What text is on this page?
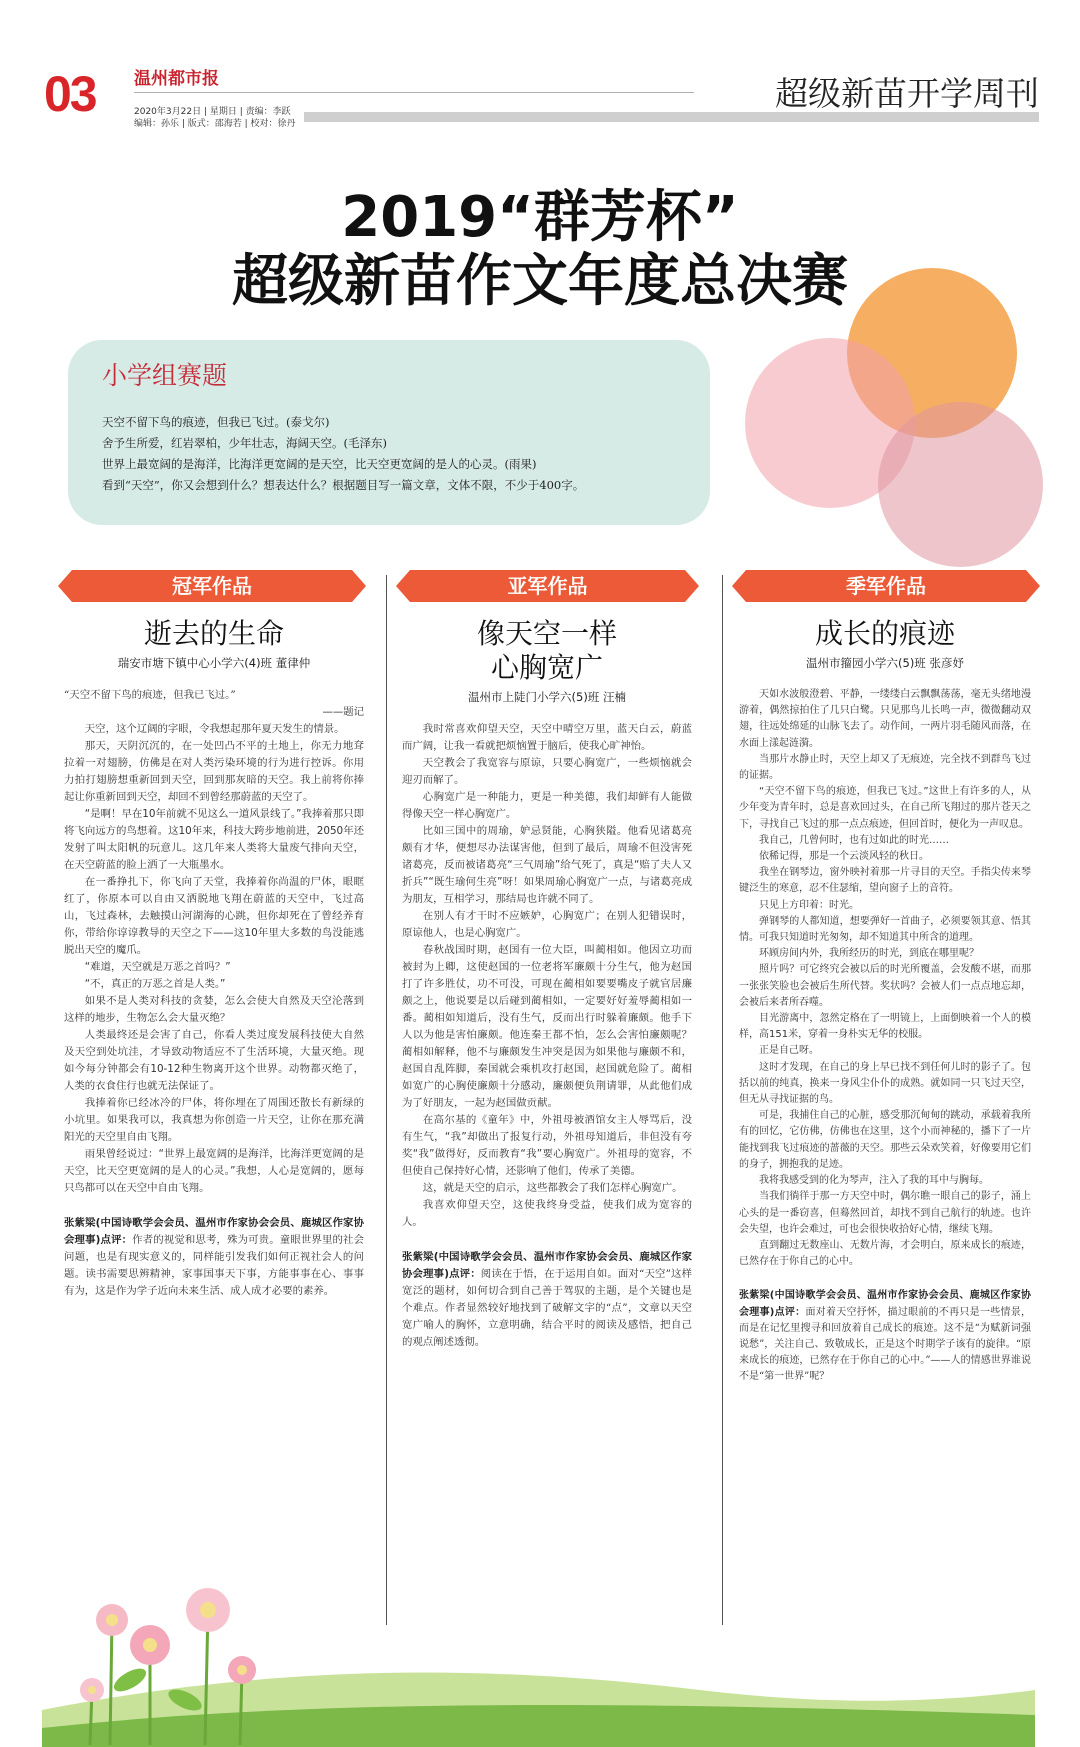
03 温州都市报
2020年3月22日 | 星期日 | 责编：李跃
编辑：孙乐 | 版式：邵海若 | 校对：徐丹
超级新苗开学周刊
2019“群芳杯”
超级新苗作文年度总决赛
小学组赛题
天空不留下鸟的痕迹，但我已飞过。(泰戈尔)
舍予生所爱，红岩翠柏，少年壮志，海阔天空。(毛泽东)
世界上最宽阔的是海洋，比海洋更宽阔的是天空，比天空更宽阔的是人的心灵。(雨果)
看到“天空”，你又会想到什么？想表达什么？根据题目写一篇文章，文体不限，不少于400字。
冠军作品	亚军作品	季军作品
逝去的生命
瑞安市塘下镇中心小学六(4)班 董律仲

“天空不留下鸟的痕迹，但我已飞过。”

——题记

天空，这个辽阔的字眼，令我想起那年夏天发生的情景。

那天，天阴沉沉的，在一处凹凸不平的土地上，你无力地耷拉着一对翅膀，仿佛是在对人类污染环境的行为进行控诉。你用力拍打翅膀想重新回到天空，回到那灰暗的天空。我上前将你捧起让你重新回到天空，却回不到曾经那蔚蓝的天空了。

“是啊！早在10年前就不见这么一道风景线了。”我捧着那只即将飞向远方的鸟想着。这10年来，科技大跨步地前进，2050年还发射了叫太阳帆的玩意儿。这几年来人类将大量废气排向天空，在天空蔚蓝的脸上洒了一大瓶墨水。

在一番挣扎下，你飞向了天堂，我捧着你尚温的尸体，眼眶红了，你原本可以自由又洒脱地飞翔在蔚蓝的天空中，飞过高山，飞过森林，去触摸山河湖海的心跳，但你却死在了曾经养育你，带给你谆谆教导的天空之下——这10年里大多数的鸟没能逃脱出天空的魔爪。

“难道，天空就是万恶之首吗？”

“不，真正的万恶之首是人类。”

如果不是人类对科技的贪婪，怎么会使大自然及天空沦落到这样的地步，生物怎么会大量灭绝？

人类最终还是会害了自己，你看人类过度发展科技使大自然及天空到处坑洼，才导致动物适应不了生活环境，大量灭绝。现如今每分钟都会有10-12种生物离开这个世界。动物都灭绝了，人类的衣食住行也就无法保证了。

我捧着你已经冰冷的尸体，将你埋在了周围还散长有新绿的小坑里。如果我可以，我真想为你创造一片天空，让你在那充满阳光的天空里自由飞翔。

雨果曾经说过：“世界上最宽阔的是海洋，比海洋更宽阔的是天空，比天空更宽阔的是人的心灵。”我想，人心是宽阔的，愿每只鸟都可以在天空中自由飞翔。

张紫梁(中国诗歌学会会员、温州市作家协会会员、鹿城区作家协会理事)点评：作者的视觉和思考，殊为可贵。童眼世界里的社会问题，也是有现实意义的，同样能引发我们如何正视社会人的问题。读书需要思辨精神，家事国事天下事，方能事事在心、事事有为，这是作为学子近向未来生活、成人成才必要的素养。
像天空一样
心胸宽广
温州市上陡门小学六(5)班 汪楠

我时常喜欢仰望天空，天空中晴空万里，蓝天白云，蔚蓝而广阔，让我一看就把烦恼置于脑后，使我心旷神怡。

天空教会了我宽容与原谅，只要心胸宽广，一些烦恼就会迎刃而解了。

心胸宽广是一种能力，更是一种美德，我们却鲜有人能做得像天空一样心胸宽广。

比如三国中的周瑜，妒忌贤能，心胸狭隘。他看见诸葛亮颇有才华，便想尽办法谋害他，但到了最后，周瑜不但没害死诸葛亮，反而被诸葛亮“三气周瑜”给气死了，真是“赔了夫人又折兵”“既生瑜何生亮”呀！如果周瑜心胸宽广一点，与诸葛亮成为朋友，互相学习，那结局也许就不同了。

在别人有才干时不应嫉妒，心胸宽广；在别人犯错误时，原谅他人，也是心胸宽广。

春秋战国时期，赵国有一位大臣，叫蔺相如。他因立功而被封为上卿，这使赵国的一位老将军廉颇十分生气，他为赵国打了许多胜仗，功不可没，可现在蔺相如要要嘴皮子就官居廉颇之上，他说要是以后碰到蔺相如，一定要好好羞辱蔺相如一番。蔺相如知道后，没有生气，反而出行时躲着廉颇。他手下人以为他是害怕廉颇。他连秦王都不怕，怎么会害怕廉颇呢？蔺相如解释，他不与廉颇发生冲突是因为如果他与廉颇不和，赵国自乱阵脚，秦国就会乘机攻打赵国，赵国就危险了。蔺相如宽广的心胸使廉颇十分感动，廉颇便负荆请罪，从此他们成为了好朋友，一起为赵国做贡献。

在高尔基的《童年》中，外祖母被酒馆女主人辱骂后，没有生气，“我”却做出了报复行动，外祖母知道后，非但没有夸奖“我”做得好，反而教育“我”要心胸宽广。外祖母的宽容，不但使自己保持好心情，还影响了他们，传承了美德。

这，就是天空的启示，这些都教会了我们怎样心胸宽广。

我喜欢仰望天空，这使我终身受益，使我们成为宽容的人。

张紫梁(中国诗歌学会会员、温州市作家协会会员、鹿城区作家协会理事)点评：阅读在于悟，在于运用自如。面对“天空”这样宽泛的题材，如何切合到自己善于驾驭的主题，是个关键也是个难点。作者显然较好地找到了破解文字的“点”，文章以天空宽广喻人的胸怀，立意明确，结合平时的阅读及感悟，把自己的观点阐述透彻。
成长的痕迹
温州市籀园小学六(5)班 张彦妤

天如水波般澄碧、平静，一缕缕白云飘飘荡荡，毫无头绪地漫游着，偶然掠拍住了几只白鹭。只见那鸟儿长鸣一声，微微翻动双翅，往远处绵延的山脉飞去了。动作间，一两片羽毛随风而落，在水面上漾起涟漪。

当那片水静止时，天空上却又了无痕迹，完全找不到群鸟飞过的证据。

“天空不留下鸟的痕迹，但我已飞过。”这世上有许多的人，从少年变为青年时，总是喜欢回过头，在自己所飞翔过的那片苍天之下，寻找自己飞过的那一点点痕迹，但回首时，便化为一声叹息。

我自己，几曾何时，也有过如此的时光……

依稀记得，那是一个云淡风轻的秋日。

我坐在钢琴边，窗外映衬着那一片寻目的天空。手指尖传来琴键泛生的寒意，忍不住瑟缩，望向窗子上的音符。

只见上方印着：时光。

弹钢琴的人都知道，想要弹好一首曲子，必须要领其意、悟其情。可我只知道时光匆匆，却不知道其中所含的道理。

环顾房间内外，我所经历的时光，到底在哪里呢？

照片吗？可它终究会被以后的时光所覆盖，会发酸不堪，而那一张张笑脸也会被后生所代替。奖状吗？会被人们一点点地忘却，会被后来者所吞噬。

目光游离中，忽然定格在了一明镜上，上面倒映着一个人的模样，高151米，穿着一身朴实无华的校服。

正是自己呀。

这时才发现，在自己的身上早已找不到任何儿时的影子了。包括以前的纯真，换来一身风尘仆仆的成熟。就如同一只飞过天空，但无从寻找证据的鸟。

可是，我捕住自己的心脏，感受那沉甸甸的跳动，承载着我所有的回忆，它仿佛，仿佛也在这里，这个小而神秘的，播下了一片能找到我飞过痕迹的蔷薇的天空。那些云朵欢笑着，好像要用它们的身子，拥抱我的足迹。

我将我感受到的化为琴声，注入了我的耳中与胸每。

当我们徜徉于那一方天空中时，偶尔瞧一眼自己的影子，涌上心头的是一番窃喜，但蓦然回首，却找不到自己航行的轨迹。也许会失望，也许会难过，可也会很快收拾好心情，继续飞翔。

直到翻过无数座山、无数片海，才会明白，原来成长的痕迹，已然存在于你自己的心中。

张紫梁(中国诗歌学会会员、温州市作家协会会员、鹿城区作家协会理事)点评：面对着天空抒怀，描过眼前的不再只是一些情景，而是在记忆里搜寻和回放着自己成长的痕迹。这不是“为赋新词强说愁”，关注自己、致敬成长，正是这个时期学子该有的旋律。“原来成长的痕迹，已然存在于你自己的心中。”——人的情感世界谁说不是“第一世界”呢？
